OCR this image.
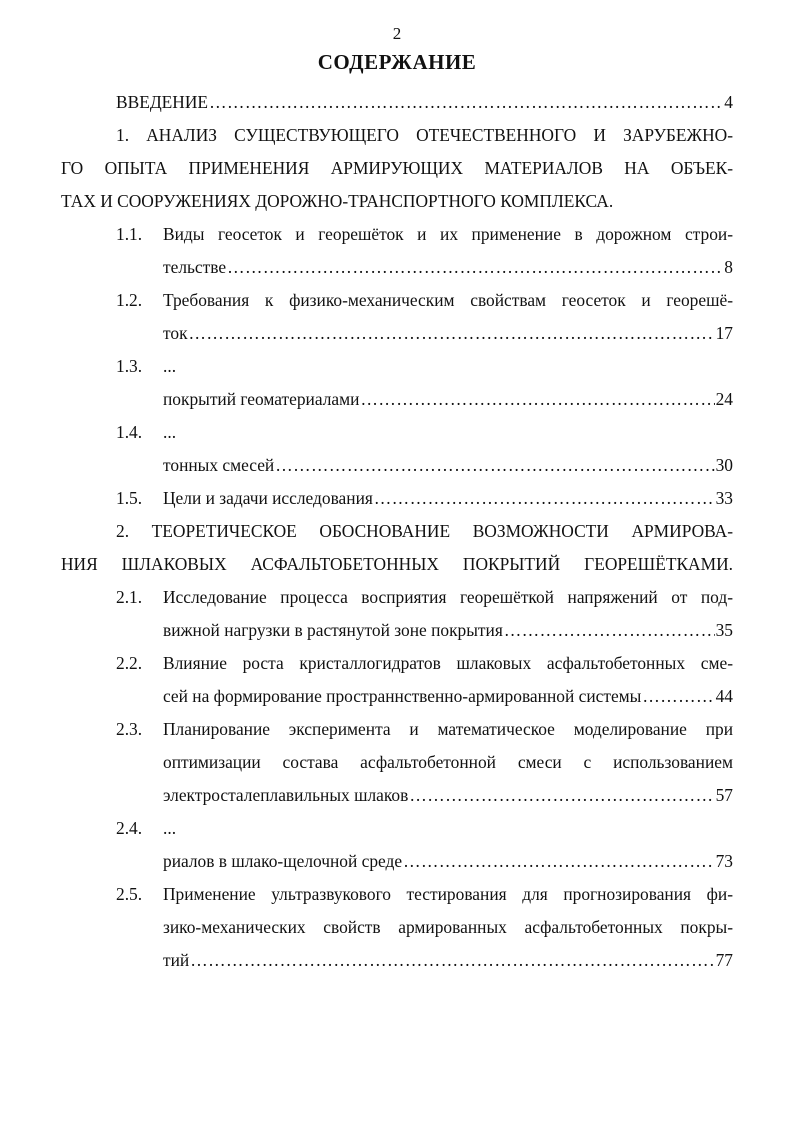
2
СОДЕРЖАНИЕ
ВВЕДЕНИЕ …………………………………………………………………………………………………………………………………………………………………………………	4
1. АНАЛИЗ СУЩЕСТВУЮЩЕГО ОТЕЧЕСТВЕННОГО И ЗАРУБЕЖНО-
ГО ОПЫТА ПРИМЕНЕНИЯ АРМИРУЮЩИХ МАТЕРИАЛОВ НА ОБЪЕК-
ТАХ И СООРУЖЕНИЯХ ДОРОЖНО-ТРАНСПОРТНОГО КОМПЛЕКСА.
1.1. Виды геосеток и георешёток и их применение в дорожном строи-
тельстве …………………………………………………………………………………………………………………………………………………………………………………	8
1.2. Требования к физико-механическим свойствам геосеток и георешё-
ток …………………………………………………………………………………………………………………………………………………………………………………	17
1.3. ...
покрытий геоматериалами …………………………………………………………………………………………………………………………………………………………………………………	24
1.4. ...
тонных смесей …………………………………………………………………………………………………………………………………………………………………………………	30
1.5. Цели и задачи исследования …………………………………………………………………………………………………………………………………………………………………………………	33
2. ТЕОРЕТИЧЕСКОЕ ОБОСНОВАНИЕ ВОЗМОЖНОСТИ АРМИРОВА-
НИЯ ШЛАКОВЫХ АСФАЛЬТОБЕТОННЫХ ПОКРЫТИЙ ГЕОРЕШЁТКАМИ.
2.1. Исследование процесса восприятия георешёткой напряжений от под-
вижной нагрузки в растянутой зоне покрытия …………………………………………………………………………………………………………………………………………………………………………………	35
2.2. Влияние роста кристаллогидратов шлаковых асфальтобетонных сме-
сей на формирование пространнственно-армированной системы …………………………………………………………………………………………………………………………………………………………………………………	44
2.3. Планирование эксперимента и математическое моделирование при
оптимизации состава асфальтобетонной смеси с использованием
электросталеплавильных шлаков …………………………………………………………………………………………………………………………………………………………………………………	57
2.4. ...
риалов в шлако-щелочной среде …………………………………………………………………………………………………………………………………………………………………………………	73
2.5. Применение ультразвукового тестирования для прогнозирования фи-
зико-механических свойств армированных асфальтобетонных покры-
тий …………………………………………………………………………………………………………………………………………………………………………………	77
